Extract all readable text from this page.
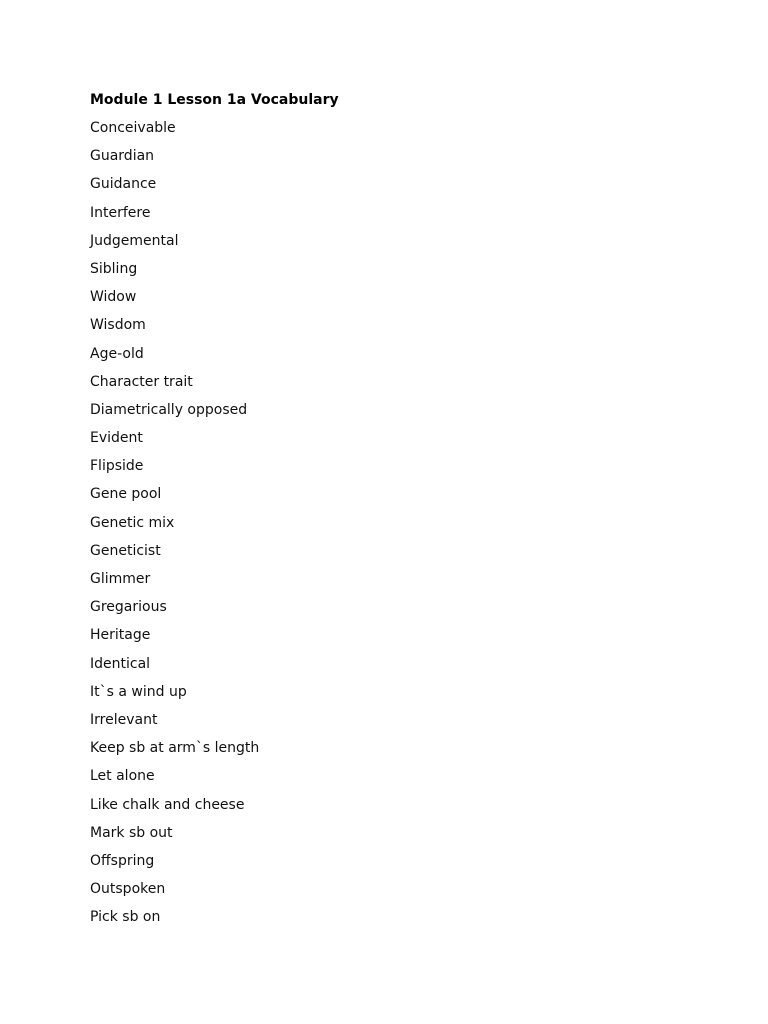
Module 1 Lesson 1a Vocabulary
Conceivable
Guardian
Guidance
Interfere
Judgemental
Sibling
Widow
Wisdom
Age-old
Character trait
Diametrically opposed
Evident
Flipside
Gene pool
Genetic mix
Geneticist
Glimmer
Gregarious
Heritage
Identical
It`s a wind up
Irrelevant
Keep sb at arm`s length
Let alone
Like chalk and cheese
Mark sb out
Offspring
Outspoken
Pick sb on
